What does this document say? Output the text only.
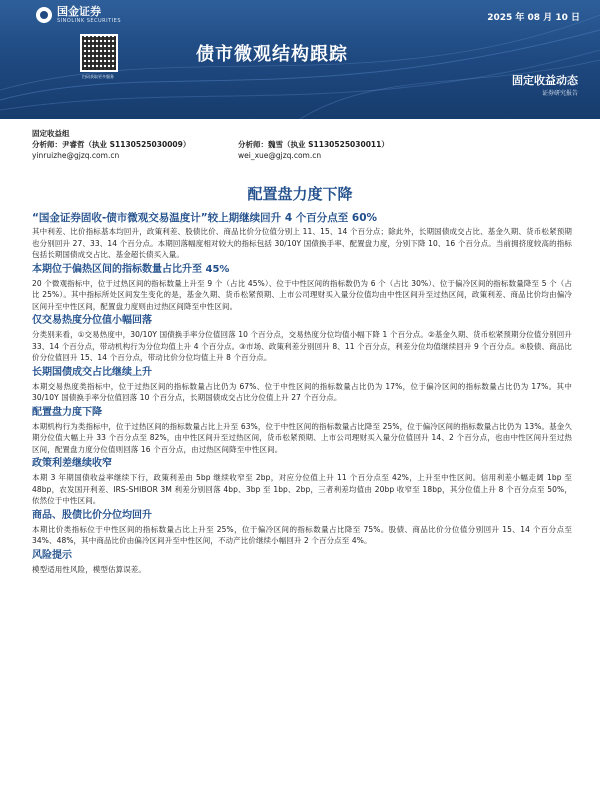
国金证券
SINOLINK SECURITIES	2025 年 08 月 10 日
扫码获取更多服务
债市微观结构跟踪
固定收益动态
证券研究报告
固定收益组
分析师：尹睿哲（执业 S1130525030009）	分析师：魏雪（执业 S1130525030011）
yinruizhe@gjzq.com.cn	wei_xue@gjzq.com.cn
配置盘力度下降

“国金证券固收-债市微观交易温度计”较上期继续回升 4 个百分点至 60%

其中利差、比价指标基本均回升，政策利差、股债比价、商品比价分位值分别上 11、15、14 个百分点；除此外，长期国债成交占比、基金久期、货币松紧预期也分别回升 27、33、14 个百分点。本期回落幅度相对较大的指标包括 30/10Y 国债换手率、配置盘力度，分别下降 10、16 个百分点。当前拥挤度较高的指标包括长期国债成交占比、基金超长债买入量。

本期位于偏热区间的指标数量占比升至 45%

20 个微观指标中，位于过热区间的指标数量上升至 9 个（占比 45%）、位于中性区间的指标数仍为 6 个（占比 30%）、位于偏冷区间的指标数量降至 5 个（占比 25%）。其中指标所处区间发生变化的是，基金久期、货币松紧预期、上市公司理财买入量分位值均由中性区间升至过热区间，政策利差、商品比价均由偏冷区间升至中性区间，配置盘力度则由过热区间降至中性区间。

仅交易热度分位值小幅回落

分类别来看，①交易热度中，30/10Y 国债换手率分位值回落 10 个百分点，交易热度分位均值小幅下降 1 个百分点。②基金久期、货币松紧预期分位值分别回升 33、14 个百分点，带动机构行为分位均值上升 4 个百分点。③市场、政策利差分别回升 8、11 个百分点，利差分位均值继续回升 9 个百分点。④股债、商品比价分位值回升 15、14 个百分点，带动比价分位均值上升 8 个百分点。

长期国债成交占比继续上升

本期交易热度类指标中，位于过热区间的指标数量占比仍为 67%、位于中性区间的指标数量占比仍为 17%，位于偏冷区间的指标数量占比仍为 17%。其中 30/10Y 国债换手率分位值回落 10 个百分点，长期国债成交占比分位值上升 27 个百分点。

配置盘力度下降

本期机构行为类指标中，位于过热区间的指标数量占比上升至 63%，位于中性区间的指标数量占比降至 25%，位于偏冷区间的指标数量占比仍为 13%。基金久期分位值大幅上升 33 个百分点至 82%，由中性区间升至过热区间，货币松紧预期、上市公司理财买入量分位值回升 14、2 个百分点，也由中性区间升至过热区间，配置盘力度分位值则回落 16 个百分点，由过热区间降至中性区间。

政策利差继续收窄

本期 3 年期国债收益率继续下行，政策利差由 5bp 继续收窄至 2bp，对应分位值上升 11 个百分点至 42%，上升至中性区间。信用利差小幅走阔 1bp 至 48bp，农发国开利差、IRS-SHIBOR 3M 利差分别回落 4bp、3bp 至 1bp、2bp，三者利差均值由 20bp 收窄至 18bp，其分位值上升 8 个百分点至 50%，依然位于中性区间。

商品、股债比价分位均回升

本期比价类指标位于中性区间的指标数量占比上升至 25%，位于偏冷区间的指标数量占比降至 75%。股债、商品比价分位值分别回升 15、14 个百分点至 34%、48%，其中商品比价由偏冷区间升至中性区间，不动产比价继续小幅回升 2 个百分点至 4%。

风险提示

模型适用性风险，模型估算误差。
